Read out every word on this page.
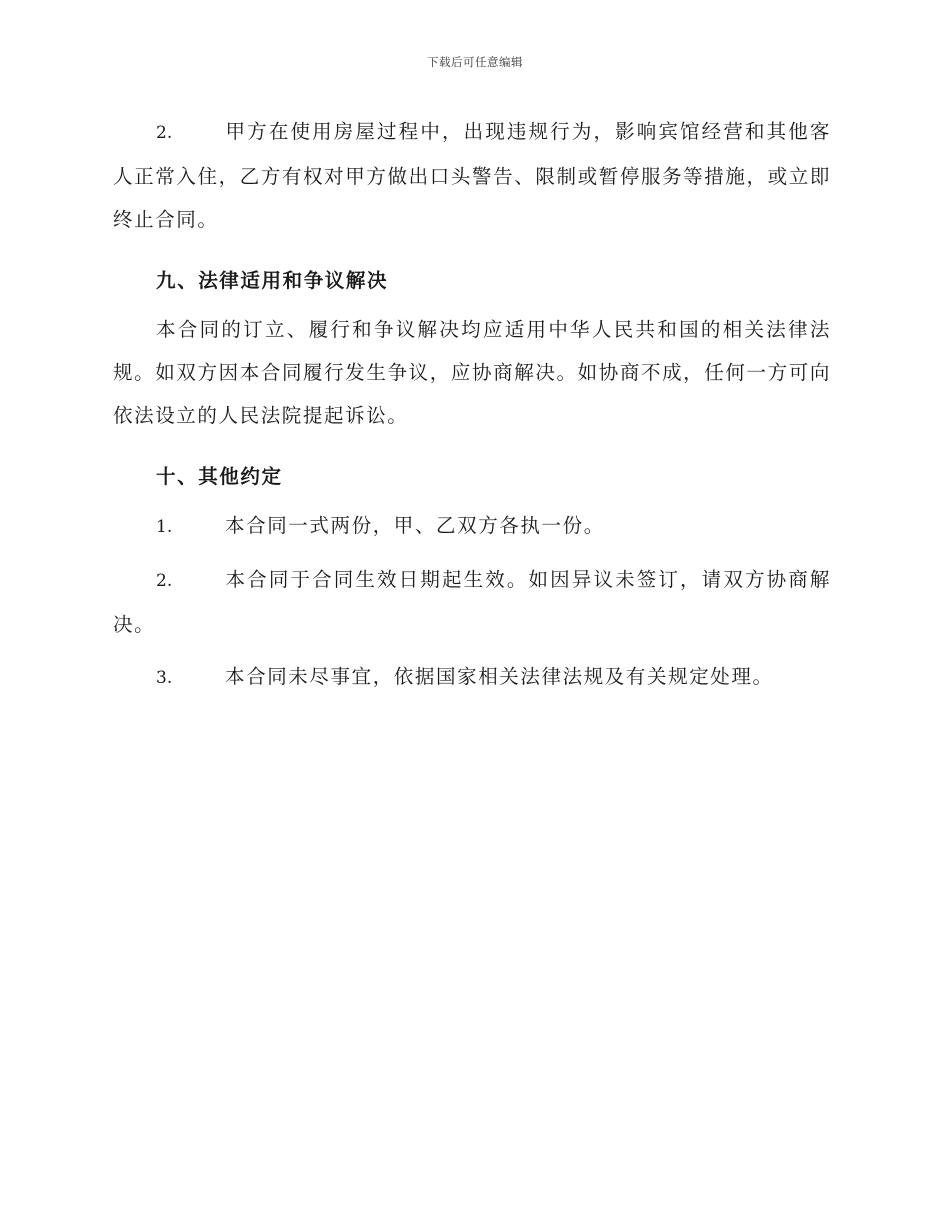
下载后可任意编辑

2.	甲方在使用房屋过程中，出现违规行为，影响宾馆经营和其他客人正常入住，乙方有权对甲方做出口头警告、限制或暂停服务等措施，或立即终止合同。

九、法律适用和争议解决

本合同的订立、履行和争议解决均应适用中华人民共和国的相关法律法规。如双方因本合同履行发生争议，应协商解决。如协商不成，任何一方可向依法设立的人民法院提起诉讼。

十、其他约定

1.	本合同一式两份，甲、乙双方各执一份。

2.	本合同于合同生效日期起生效。如因异议未签订，请双方协商解决。

3.	本合同未尽事宜，依据国家相关法律法规及有关规定处理。
